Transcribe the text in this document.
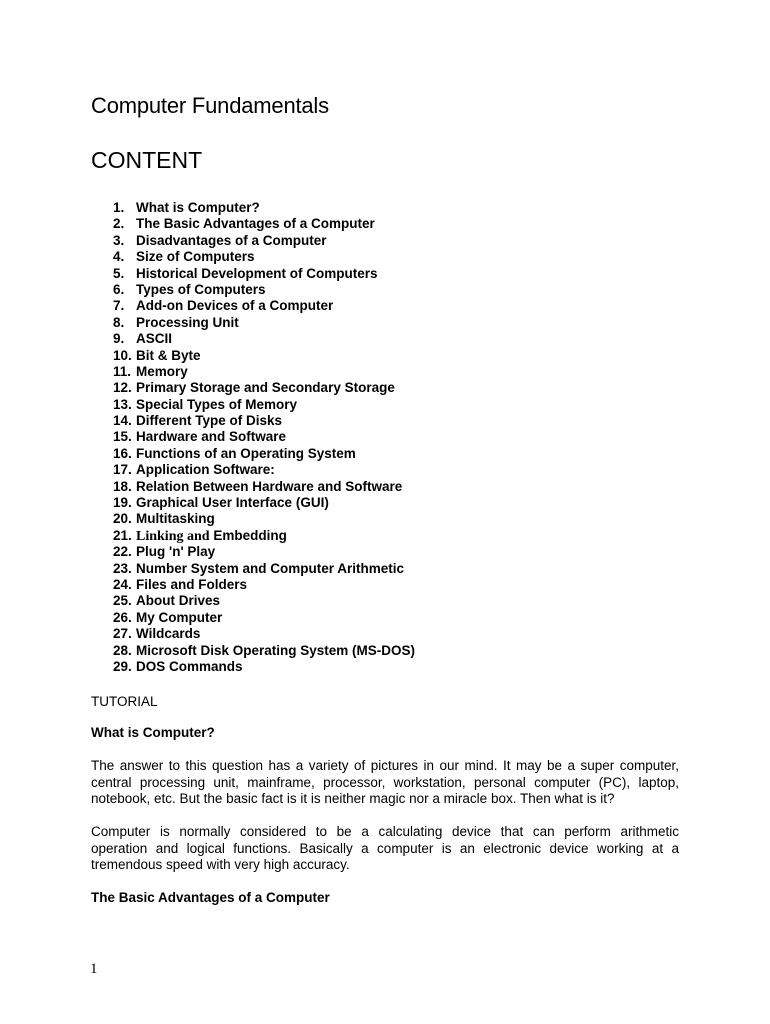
Computer Fundamentals
CONTENT
1. What is Computer?
2. The Basic Advantages of a Computer
3. Disadvantages of a Computer
4. Size of Computers
5. Historical Development of Computers
6. Types of Computers
7. Add-on Devices of a Computer
8. Processing Unit
9. ASCII
10. Bit & Byte
11. Memory
12. Primary Storage and Secondary Storage
13. Special Types of Memory
14. Different Type of Disks
15. Hardware and Software
16. Functions of an Operating System
17. Application Software:
18. Relation Between Hardware and Software
19. Graphical User Interface (GUI)
20. Multitasking
21. Linking and Embedding
22. Plug 'n' Play
23. Number System and Computer Arithmetic
24. Files and Folders
25. About Drives
26. My Computer
27. Wildcards
28. Microsoft Disk Operating System (MS-DOS)
29. DOS Commands

TUTORIAL

What is Computer?

The answer to this question has a variety of pictures in our mind. It may be a super computer,
central processing unit, mainframe, processor, workstation, personal computer (PC), laptop,
notebook, etc. But the basic fact is it is neither magic nor a miracle box. Then what is it?
Computer is normally considered to be a calculating device that can perform arithmetic
operation and logical functions. Basically a computer is an electronic device working at a
tremendous speed with very high accuracy.

The Basic Advantages of a Computer

1
